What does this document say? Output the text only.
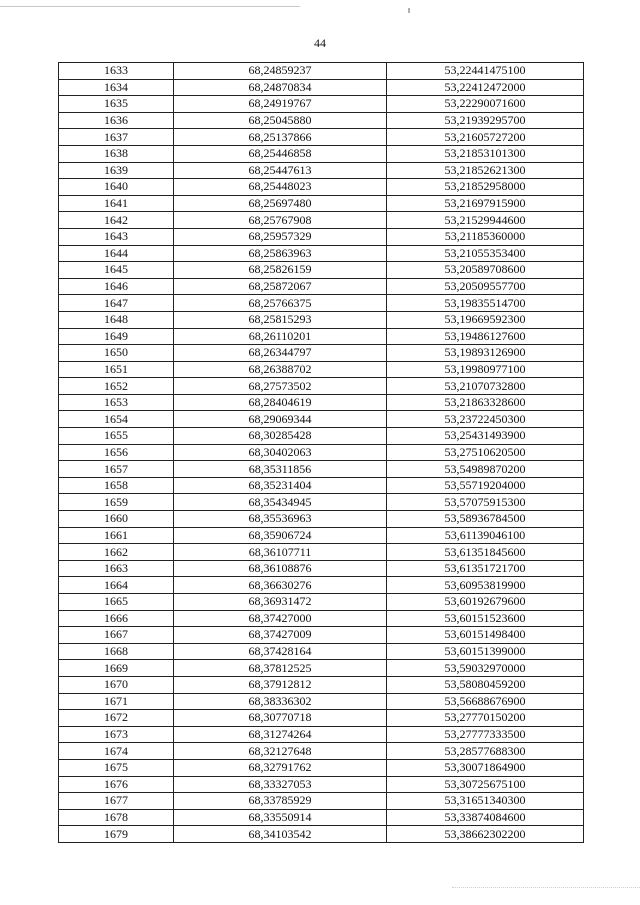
44
1633	68,24859237	53,22441475100
1634	68,24870834	53,22412472000
1635	68,24919767	53,22290071600
1636	68,25045880	53,21939295700
1637	68,25137866	53,21605727200
1638	68,25446858	53,21853101300
1639	68,25447613	53,21852621300
1640	68,25448023	53,21852958000
1641	68,25697480	53,21697915900
1642	68,25767908	53,21529944600
1643	68,25957329	53,21185360000
1644	68,25863963	53,21055353400
1645	68,25826159	53,20589708600
1646	68,25872067	53,20509557700
1647	68,25766375	53,19835514700
1648	68,25815293	53,19669592300
1649	68,26110201	53,19486127600
1650	68,26344797	53,19893126900
1651	68,26388702	53,19980977100
1652	68,27573502	53,21070732800
1653	68,28404619	53,21863328600
1654	68,29069344	53,23722450300
1655	68,30285428	53,25431493900
1656	68,30402063	53,27510620500
1657	68,35311856	53,54989870200
1658	68,35231404	53,55719204000
1659	68,35434945	53,57075915300
1660	68,35536963	53,58936784500
1661	68,35906724	53,61139046100
1662	68,36107711	53,61351845600
1663	68,36108876	53,61351721700
1664	68,36630276	53,60953819900
1665	68,36931472	53,60192679600
1666	68,37427000	53,60151523600
1667	68,37427009	53,60151498400
1668	68,37428164	53,60151399000
1669	68,37812525	53,59032970000
1670	68,37912812	53,58080459200
1671	68,38336302	53,56688676900
1672	68,30770718	53,27770150200
1673	68,31274264	53,27777333500
1674	68,32127648	53,28577688300
1675	68,32791762	53,30071864900
1676	68,33327053	53,30725675100
1677	68,33785929	53,31651340300
1678	68,33550914	53,33874084600
1679	68,34103542	53,38662302200
